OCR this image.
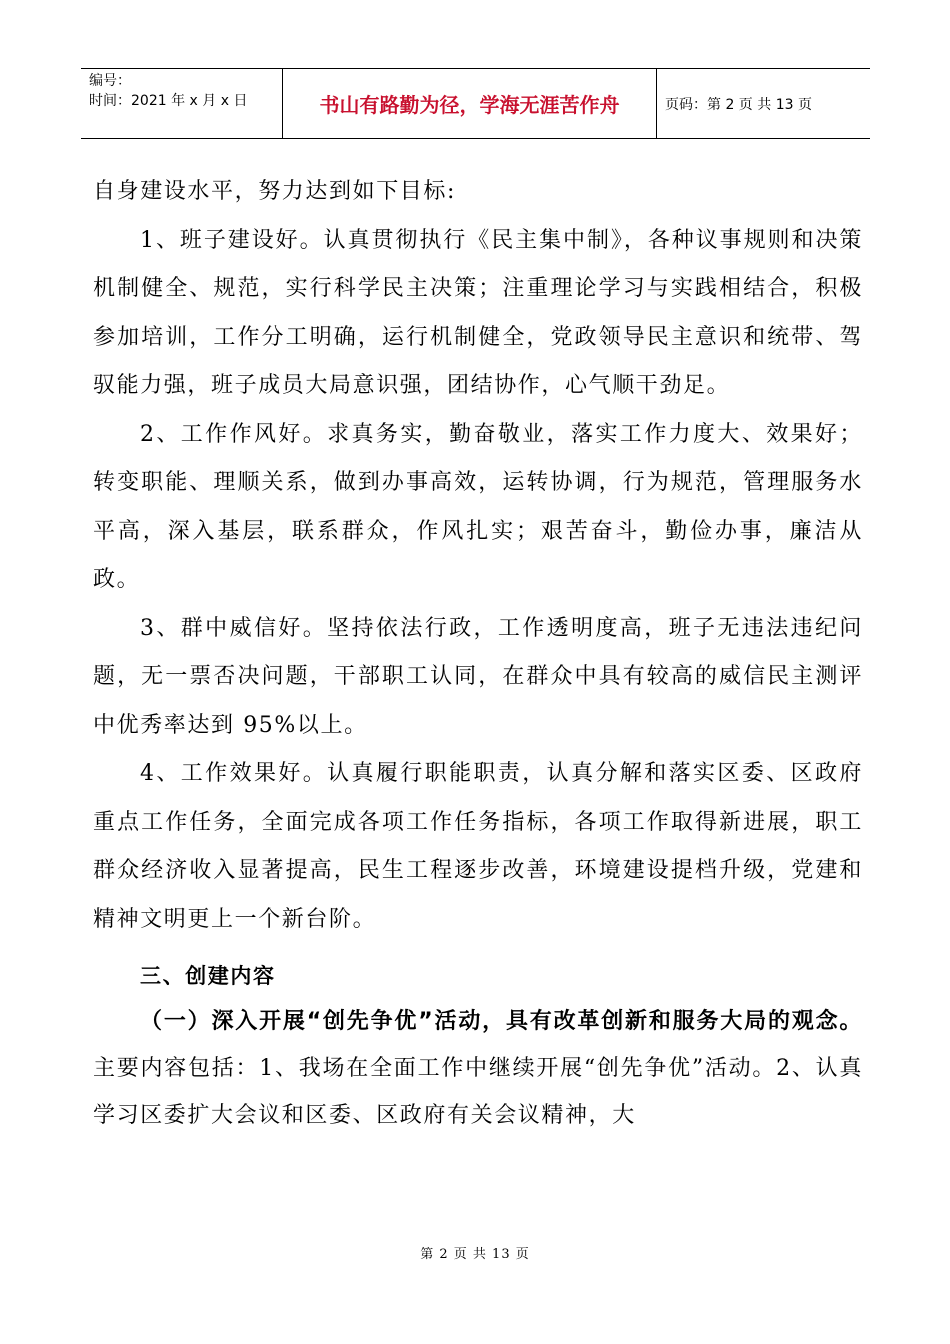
编号：
时间：2021 年 x 月 x 日	书山有路勤为径，学海无涯苦作舟	页码：第 2 页 共 13 页

自身建设水平，努力达到如下目标:

1、班子建设好。认真贯彻执行《民主集中制》，各种议事规则和决策机制健全、规范，实行科学民主决策；注重理论学习与实践相结合，积极参加培训，工作分工明确，运行机制健全，党政领导民主意识和统带、驾驭能力强，班子成员大局意识强，团结协作，心气顺干劲足。

2、工作作风好。求真务实，勤奋敬业，落实工作力度大、效果好；转变职能、理顺关系，做到办事高效，运转协调，行为规范，管理服务水平高，深入基层，联系群众，作风扎实；艰苦奋斗，勤俭办事，廉洁从政。

3、群中威信好。坚持依法行政，工作透明度高，班子无违法违纪问题，无一票否决问题，干部职工认同，在群众中具有较高的威信民主测评中优秀率达到 95%以上。

4、工作效果好。认真履行职能职责，认真分解和落实区委、区政府重点工作任务，全面完成各项工作任务指标，各项工作取得新进展，职工群众经济收入显著提高，民生工程逐步改善，环境建设提档升级，党建和精神文明更上一个新台阶。

三、创建内容

（一）深入开展“创先争优”活动，具有改革创新和服务大局的观念。主要内容包括：1、我场在全面工作中继续开展“创先争优”活动。2、认真学习区委扩大会议和区委、区政府有关会议精神，大

第 2 页 共 13 页
